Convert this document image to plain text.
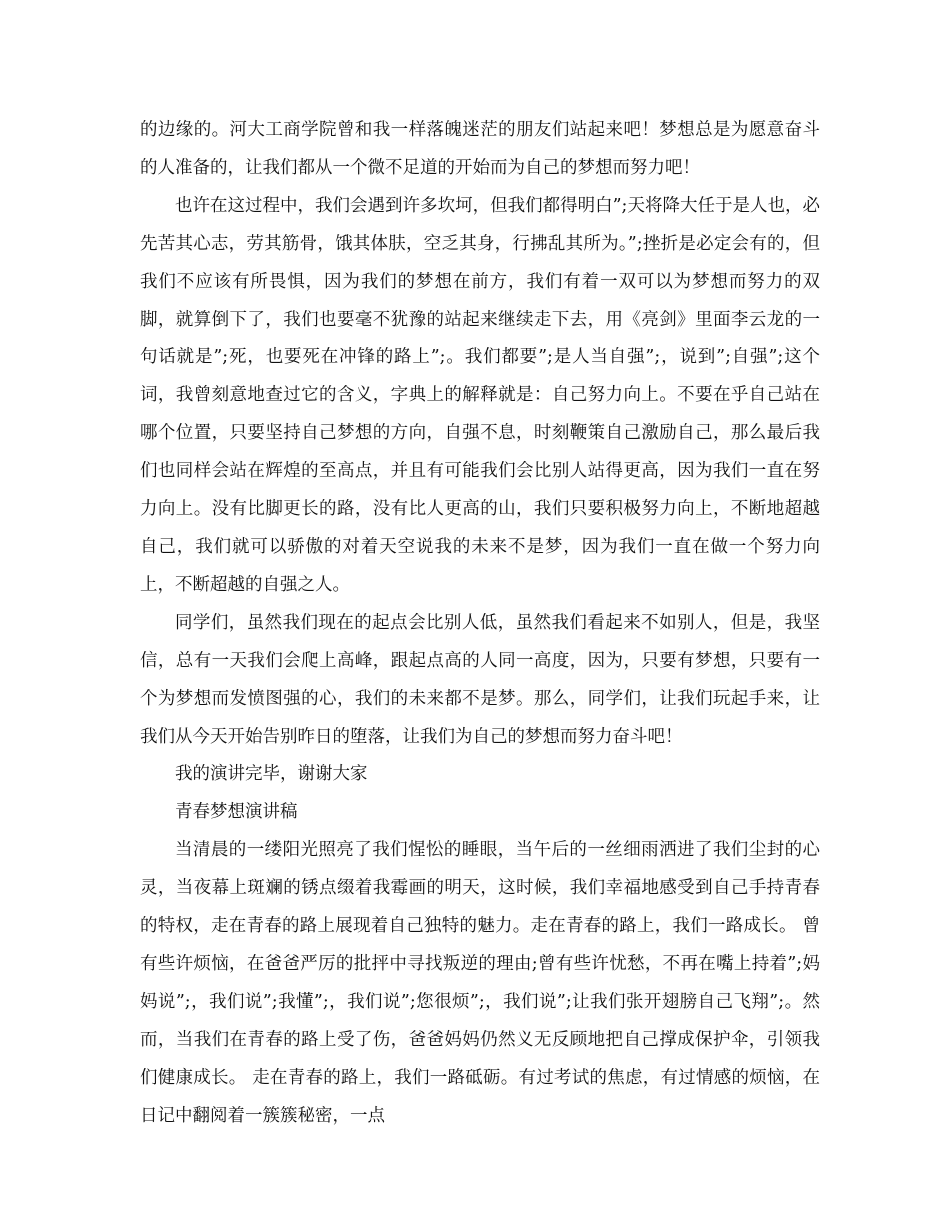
的边缘的。河大工商学院曾和我一样落魄迷茫的朋友们站起来吧！梦想总是为愿意奋斗的人准备的，让我们都从一个微不足道的开始而为自己的梦想而努力吧！

也许在这过程中，我们会遇到许多坎坷，但我们都得明白”;天将降大任于是人也，必先苦其心志，劳其筋骨，饿其体肤，空乏其身，行拂乱其所为。”;挫折是必定会有的，但我们不应该有所畏惧，因为我们的梦想在前方，我们有着一双可以为梦想而努力的双脚，就算倒下了，我们也要毫不犹豫的站起来继续走下去，用《亮剑》里面李云龙的一句话就是”;死，也要死在冲锋的路上”;。我们都要”;是人当自强”;，说到”;自强”;这个词，我曾刻意地查过它的含义，字典上的解释就是：自己努力向上。不要在乎自己站在哪个位置，只要坚持自己梦想的方向，自强不息，时刻鞭策自己激励自己，那么最后我们也同样会站在辉煌的至高点，并且有可能我们会比别人站得更高，因为我们一直在努力向上。没有比脚更长的路，没有比人更高的山，我们只要积极努力向上，不断地超越自己，我们就可以骄傲的对着天空说我的未来不是梦，因为我们一直在做一个努力向上，不断超越的自强之人。

同学们，虽然我们现在的起点会比别人低，虽然我们看起来不如别人，但是，我坚信，总有一天我们会爬上高峰，跟起点高的人同一高度，因为，只要有梦想，只要有一个为梦想而发愤图强的心，我们的未来都不是梦。那么，同学们，让我们玩起手来，让我们从今天开始告别昨日的堕落，让我们为自己的梦想而努力奋斗吧！

我的演讲完毕，谢谢大家

青春梦想演讲稿

当清晨的一缕阳光照亮了我们惺忪的睡眼，当午后的一丝细雨洒进了我们尘封的心灵，当夜幕上斑斓的锈点缀着我霉画的明天，这时候，我们幸福地感受到自己手持青春的特权，走在青春的路上展现着自己独特的魅力。走在青春的路上，我们一路成长。 曾有些许烦恼，在爸爸严厉的批抨中寻找叛逆的理由;曾有些许忧愁，不再在嘴上持着”;妈妈说”;，我们说”;我懂”;，我们说”;您很烦”;，我们说”;让我们张开翅膀自己飞翔”;。然而，当我们在青春的路上受了伤，爸爸妈妈仍然义无反顾地把自己撑成保护伞，引领我们健康成长。 走在青春的路上，我们一路砥砺。有过考试的焦虑，有过情感的烦恼，在日记中翻阅着一簇簇秘密，一点
